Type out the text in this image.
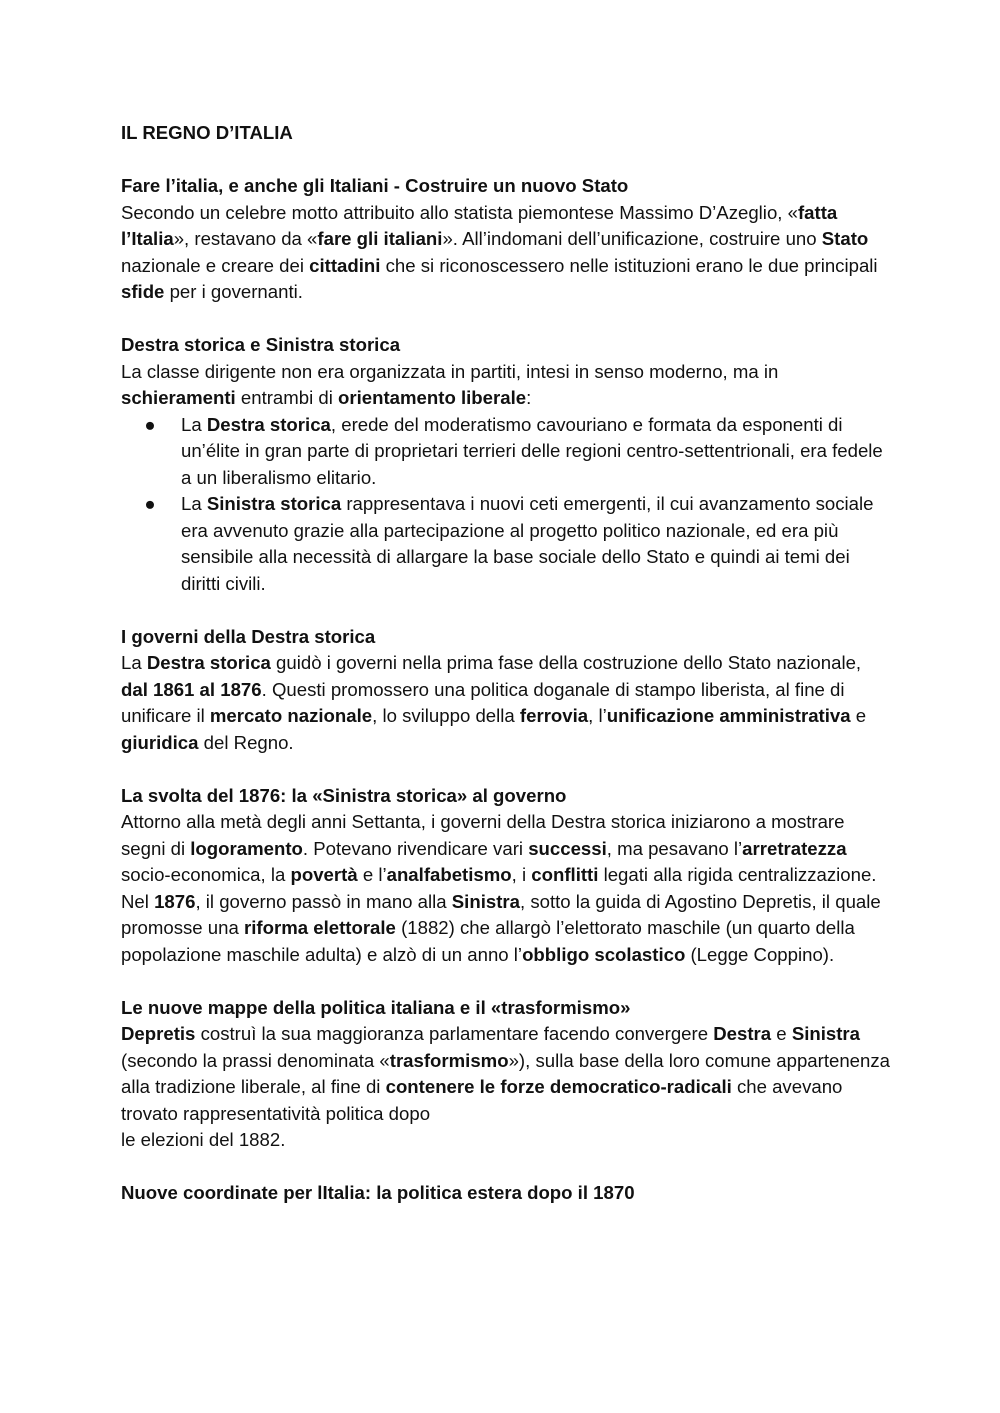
IL REGNO D’ITALIA

Fare l’italia, e anche gli Italiani - Costruire un nuovo Stato

Secondo un celebre motto attribuito allo statista piemontese Massimo D’Azeglio, «fatta l’Italia», restavano da «fare gli italiani». All’indomani dell’unificazione, costruire uno Stato nazionale e creare dei cittadini che si riconoscessero nelle istituzioni erano le due principali sfide per i governanti.

Destra storica e Sinistra storica

La classe dirigente non era organizzata in partiti, intesi in senso moderno, ma in schieramenti entrambi di orientamento liberale:

● La Destra storica, erede del moderatismo cavouriano e formata da esponenti di un’élite in gran parte di proprietari terrieri delle regioni centro-settentrionali, era fedele a un liberalismo elitario.
● La Sinistra storica rappresentava i nuovi ceti emergenti, il cui avanzamento sociale era avvenuto grazie alla partecipazione al progetto politico nazionale, ed era più sensibile alla necessità di allargare la base sociale dello Stato e quindi ai temi dei diritti civili.

I governi della Destra storica

La Destra storica guidò i governi nella prima fase della costruzione dello Stato nazionale, dal 1861 al 1876. Questi promossero una politica doganale di stampo liberista, al fine di unificare il mercato nazionale, lo sviluppo della ferrovia, l’unificazione amministrativa e giuridica del Regno.

La svolta del 1876: la «Sinistra storica» al governo

Attorno alla metà degli anni Settanta, i governi della Destra storica iniziarono a mostrare segni di logoramento. Potevano rivendicare vari successi, ma pesavano l’arretratezza socio-economica, la povertà e l’analfabetismo, i conflitti legati alla rigida centralizzazione.

Nel 1876, il governo passò in mano alla Sinistra, sotto la guida di Agostino Depretis, il quale promosse una riforma elettorale (1882) che allargò l’elettorato maschile (un quarto della popolazione maschile adulta) e alzò di un anno l’obbligo scolastico (Legge Coppino).

Le nuove mappe della politica italiana e il «trasformismo»

Depretis costruì la sua maggioranza parlamentare facendo convergere Destra e Sinistra (secondo la prassi denominata «trasformismo»), sulla base della loro comune appartenenza alla tradizione liberale, al fine di contenere le forze democratico-radicali che avevano trovato rappresentatività politica dopo
le elezioni del 1882.

Nuove coordinate per lItalia: la politica estera dopo il 1870
